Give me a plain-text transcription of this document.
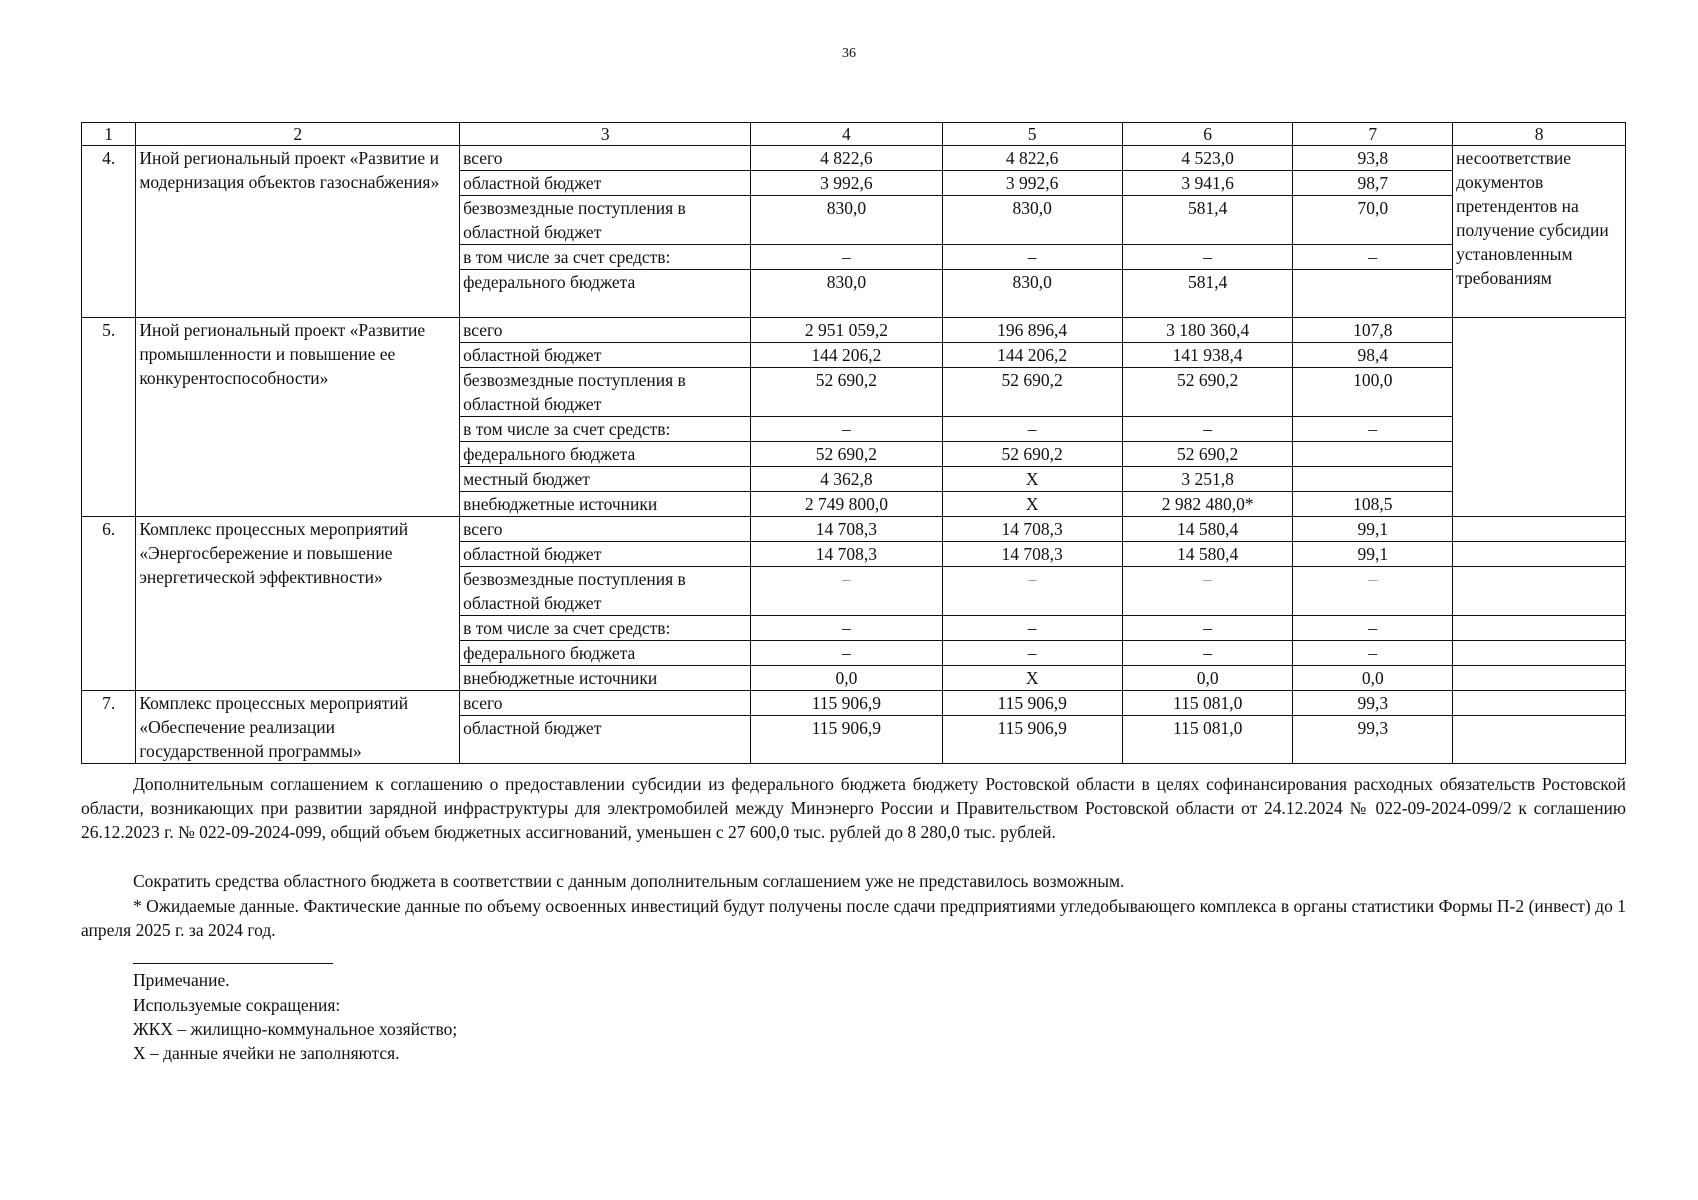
36
1	2	3	4	5	6	7	8
4.	Иной региональный проект «Развитие и модернизация объектов газоснабжения»	всего	4 822,6	4 822,6	4 523,0	93,8	несоответствие документов претендентов на получение субсидии установленным требованиям
		областной бюджет	3 992,6	3 992,6	3 941,6	98,7	
		безвозмездные поступления в областной бюджет	830,0	830,0	581,4	70,0	
		в том числе за счет средств:	–	–	–	–	
		федерального бюджета	830,0	830,0	581,4		
5.	Иной региональный проект «Развитие промышленности и повышение ее конкурентоспособности»	всего	2 951 059,2	196 896,4	3 180 360,4	107,8	
		областной бюджет	144 206,2	144 206,2	141 938,4	98,4	
		безвозмездные поступления в областной бюджет	52 690,2	52 690,2	52 690,2	100,0	
		в том числе за счет средств:	–	–	–	–	
		федерального бюджета	52 690,2	52 690,2	52 690,2		
		местный бюджет	4 362,8	Х	3 251,8		
		внебюджетные источники	2 749 800,0	Х	2 982 480,0*	108,5	
6.	Комплекс процессных мероприятий «Энергосбережение и повышение энергетической эффективности»	всего	14 708,3	14 708,3	14 580,4	99,1	
		областной бюджет	14 708,3	14 708,3	14 580,4	99,1	
		безвозмездные поступления в областной бюджет	–	–	–	–	
		в том числе за счет средств:	–	–	–	–	
		федерального бюджета	–	–	–	–	
		внебюджетные источники	0,0	Х	0,0	0,0	
7.	Комплекс процессных мероприятий «Обеспечение реализации государственной программы»	всего	115 906,9	115 906,9	115 081,0	99,3	
		областной бюджет	115 906,9	115 906,9	115 081,0	99,3	
Дополнительным соглашением к соглашению о предоставлении субсидии из федерального бюджета бюджету Ростовской области в целях софинансирования расходных обязательств Ростовской области, возникающих при развитии зарядной инфраструктуры для электромобилей между Минэнерго России и Правительством Ростовской области от 24.12.2024 № 022-09-2024-099/2 к соглашению 26.12.2023 г. № 022-09-2024-099, общий объем бюджетных ассигнований, уменьшен с 27 600,0 тыс. рублей до 8 280,0 тыс. рублей.
Сократить средства областного бюджета в соответствии с данным дополнительным соглашением уже не представилось возможным.
* Ожидаемые данные. Фактические данные по объему освоенных инвестиций будут получены после сдачи предприятиями угледобывающего комплекса в органы статистики Формы П-2 (инвест) до 1 апреля 2025 г. за 2024 год.
Примечание.
Используемые сокращения:
ЖКХ – жилищно-коммунальное хозяйство;
Х – данные ячейки не заполняются.
